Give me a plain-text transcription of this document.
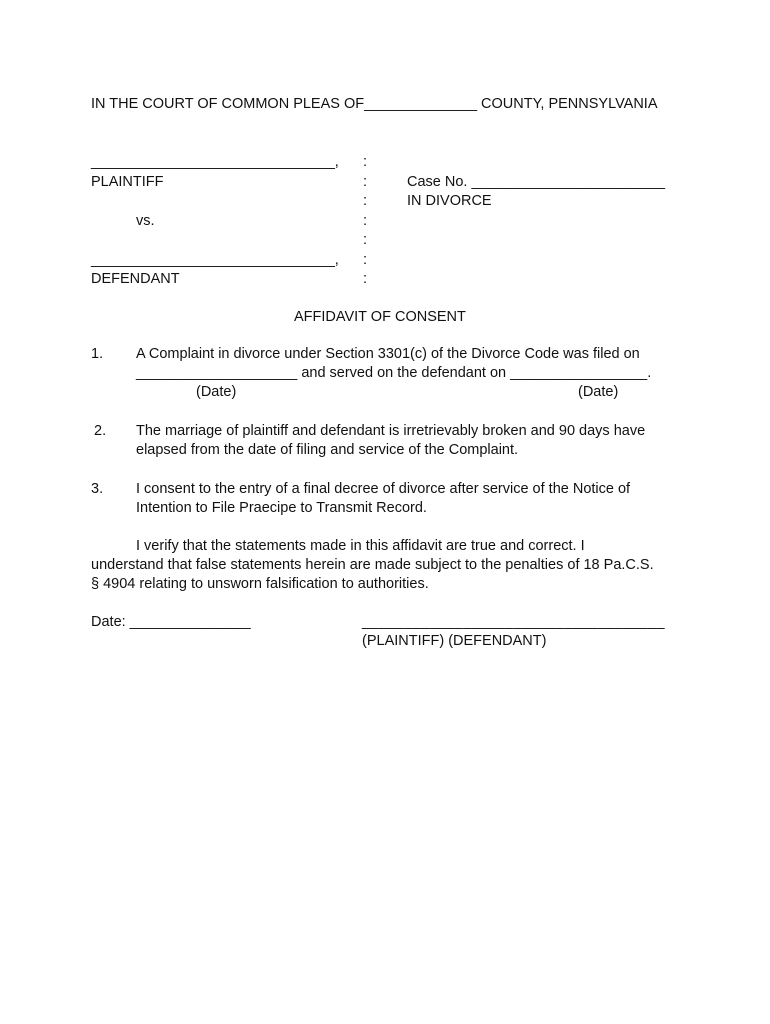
IN THE COURT OF COMMON PLEAS OF______________ COUNTY, PENNSYLVANIA
_______________________________,
PLAINTIFF
vs.
_______________________________,
DEFENDANT
:
:
:
:
:
:
:
Case No. ________________________
IN DIVORCE
AFFIDAVIT OF CONSENT
1. A Complaint in divorce under Section 3301(c) of the Divorce Code was filed on
____________________ and served on the defendant on _________________.
(Date)	(Date)
2. The marriage of plaintiff and defendant is irretrievably broken and 90 days have
elapsed from the date of filing and service of the Complaint.
3. I consent to the entry of a final decree of divorce after service of the Notice of
Intention to File Praecipe to Transmit Record.
I verify that the statements made in this affidavit are true and correct. I
understand that false statements herein are made subject to the penalties of 18 Pa.C.S.
§ 4904 relating to unsworn falsification to authorities.
Date: _______________	____________________________________
(PLAINTIFF) (DEFENDANT)
